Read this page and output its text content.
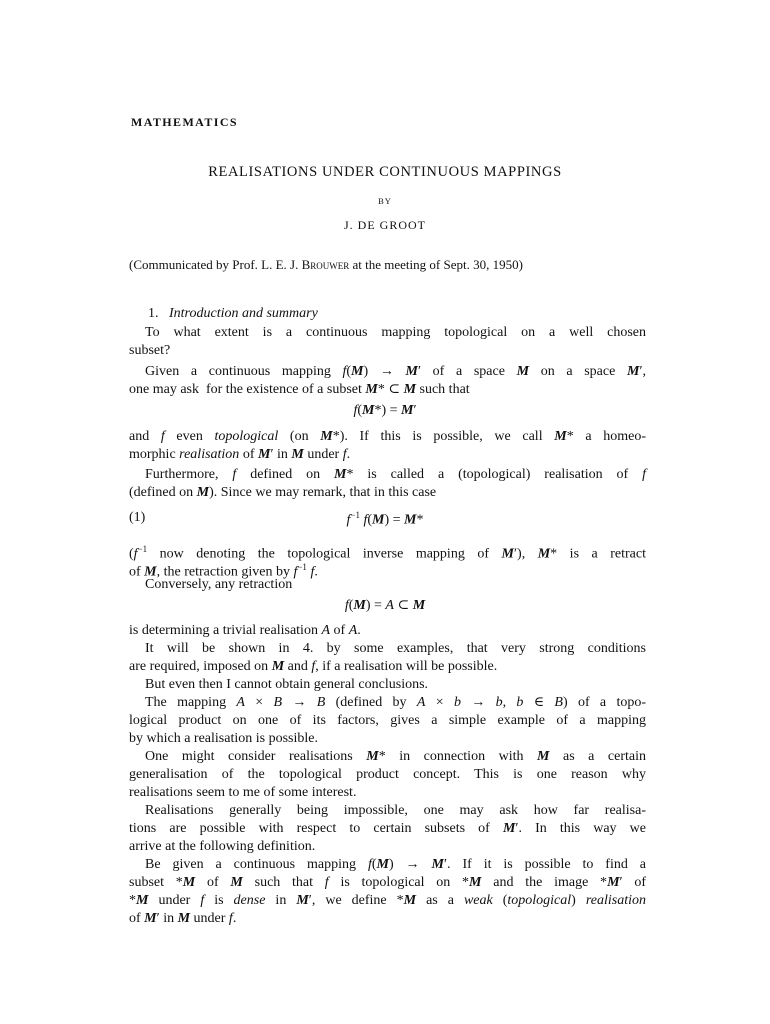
MATHEMATICS

REALISATIONS UNDER CONTINUOUS MAPPINGS

BY

J. DE GROOT

(Communicated by Prof. L. E. J. Brouwer at the meeting of Sept. 30, 1950)

1. Introduction and summary

To what extent is a continuous mapping topological on a well chosen

subset?

Given a continuous mapping f(M) → M′ of a space M on a space M′,

one may ask  for the existence of a subset M* ⊂ M such that

f(M*) = M′

and f even topological (on M*). If this is possible, we call M* a homeo-

morphic realisation of M′ in M under f.

Furthermore, f defined on M* is called a (topological) realisation of f

(defined on M). Since we may remark, that in this case

(1)	$f^{-1}$ f(M) = M*

($f^{-1}$ now denoting the topological inverse mapping of M′), M* is a retract

of M, the retraction given by $f^{-1}$ f.

Conversely, any retraction

f(M) = A ⊂ M

is determining a trivial realisation A of A.

It will be shown in 4. by some examples, that very strong conditions

are required, imposed on M and f, if a realisation will be possible.

But even then I cannot obtain general conclusions.

The mapping A × B → B (defined by A × b → b, b ∈ B) of a topo-

logical product on one of its factors, gives a simple example of a mapping

by which a realisation is possible.

One might consider realisations M* in connection with M as a certain

generalisation of the topological product concept. This is one reason why

realisations seem to me of some interest.

Realisations generally being impossible, one may ask how far realisa-

tions are possible with respect to certain subsets of M′. In this way we

arrive at the following definition.

Be given a continuous mapping f(M) → M′. If it is possible to find a

subset *M of M such that f is topological on *M and the image *M′ of

*M under f is dense in M′, we define *M as a weak (topological) realisation

of M′ in M under f.
